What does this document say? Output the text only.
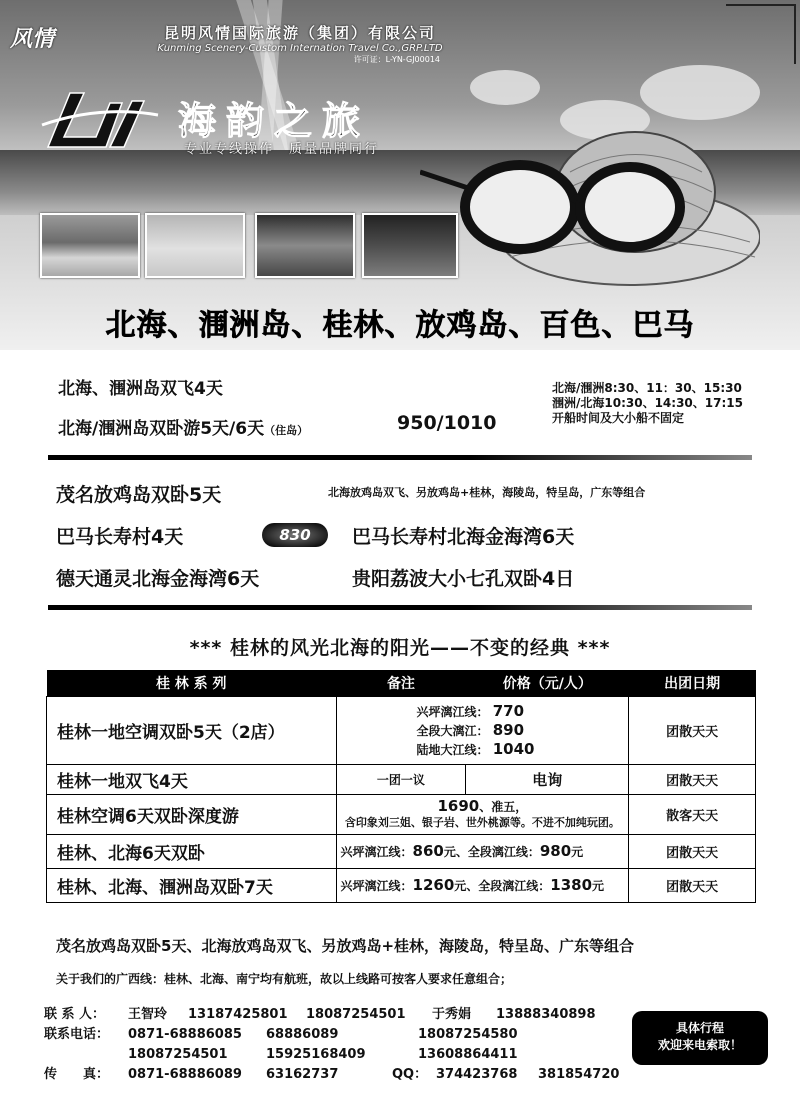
风情	昆明风情国际旅游（集团）有限公司
Kunming Scenery-Custom Internation Travel Co.,GRP.LTD
许可证：L-YN-GJ00014
海韵之旅
专业专线操作　质量品牌同行
北海、涠洲岛、桂林、放鸡岛、百色、巴马
北海、涠洲岛双飞4天
北海/涠洲岛双卧游5天/6天（住岛）	950/1010
北海/涠洲8:30、11：30、15:30
涠洲/北海10:30、14:30、17:15
开船时间及大小船不固定
茂名放鸡岛双卧5天	北海放鸡岛双飞、另放鸡岛+桂林，海陵岛，特呈岛，广东等组合
巴马长寿村4天	830	巴马长寿村北海金海湾6天
德天通灵北海金海湾6天	贵阳荔波大小七孔双卧4日
*** 桂林的风光北海的阳光——不变的经典 ***
桂 林 系 列	备注	价格（元/人）	出团日期
桂林一地空调双卧5天（2店）	兴坪漓江线： 770
全段大漓江： 890
陆地大江线： 1040		团散天天
桂林一地双飞4天	一团一议	电询	团散天天
桂林空调6天双卧深度游	1690、准五，
含印象刘三姐、银子岩、世外桃源等。不进不加纯玩团。		散客天天
桂林、北海6天双卧	兴坪漓江线：860元、全段漓江线：980元		团散天天
桂林、北海、涠洲岛双卧7天	兴坪漓江线：1260元、全段漓江线：1380元		团散天天
茂名放鸡岛双卧5天、北海放鸡岛双飞、另放鸡岛+桂林，海陵岛，特呈岛、广东等组合
关于我们的广西线：桂林、北海、南宁均有航班，故以上线路可按客人要求任意组合；
联 系 人： 王智玲 13187425801 18087254501 于秀娟 13888340898
联系电话： 0871-68886085 68886089	18087254580
18087254501	15925168409	13608864411
传　　真： 0871-68886089 63162737	QQ： 374423768 381854720
具体行程
欢迎来电索取！
